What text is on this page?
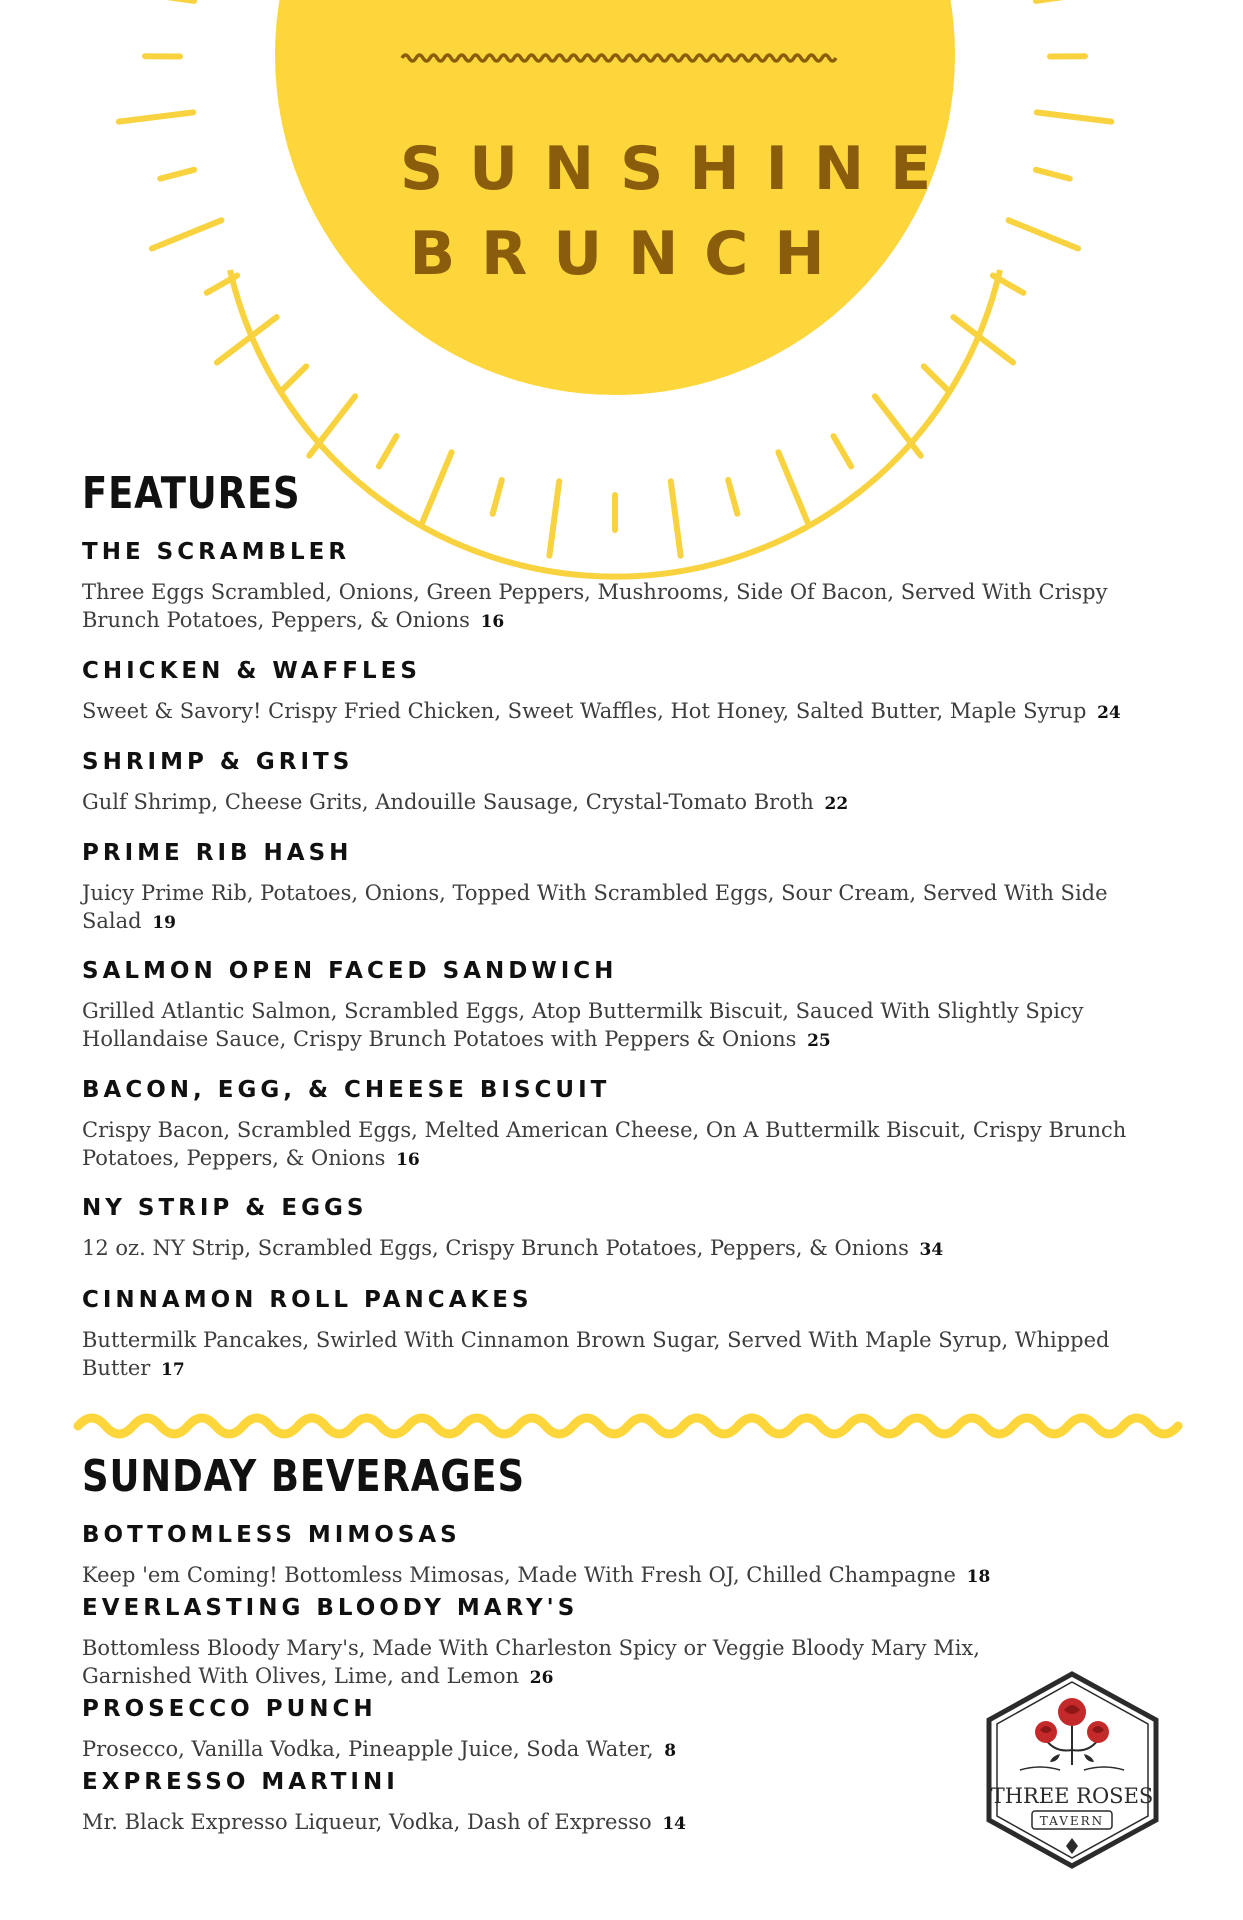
SUNSHINE
BRUNCH
FEATURES
THE SCRAMBLER
Three Eggs Scrambled, Onions, Green Peppers, Mushrooms, Side Of Bacon, Served With Crispy Brunch Potatoes, Peppers, & Onions 16
CHICKEN & WAFFLES
Sweet & Savory! Crispy Fried Chicken, Sweet Waffles, Hot Honey, Salted Butter, Maple Syrup 24
SHRIMP & GRITS
Gulf Shrimp, Cheese Grits, Andouille Sausage, Crystal-Tomato Broth 22
PRIME RIB HASH
Juicy Prime Rib, Potatoes, Onions, Topped With Scrambled Eggs, Sour Cream, Served With Side Salad 19
SALMON OPEN FACED SANDWICH
Grilled Atlantic Salmon, Scrambled Eggs, Atop Buttermilk Biscuit, Sauced With Slightly Spicy Hollandaise Sauce, Crispy Brunch Potatoes with Peppers & Onions 25
BACON, EGG, & CHEESE BISCUIT
Crispy Bacon, Scrambled Eggs, Melted American Cheese, On A Buttermilk Biscuit, Crispy Brunch Potatoes, Peppers, & Onions 16
NY STRIP & EGGS
12 oz. NY Strip, Scrambled Eggs, Crispy Brunch Potatoes, Peppers, & Onions 34
CINNAMON ROLL PANCAKES
Buttermilk Pancakes, Swirled With Cinnamon Brown Sugar, Served With Maple Syrup, Whipped Butter 17
SUNDAY BEVERAGES
BOTTOMLESS MIMOSAS
Keep 'em Coming! Bottomless Mimosas, Made With Fresh OJ, Chilled Champagne 18
EVERLASTING BLOODY MARY'S
Bottomless Bloody Mary's, Made With Charleston Spicy or Veggie Bloody Mary Mix, Garnished With Olives, Lime, and Lemon 26
PROSECCO PUNCH
Prosecco, Vanilla Vodka, Pineapple Juice, Soda Water, 8
EXPRESSO MARTINI
Mr. Black Expresso Liqueur, Vodka, Dash of Expresso 14
THREE ROSES
TAVERN
